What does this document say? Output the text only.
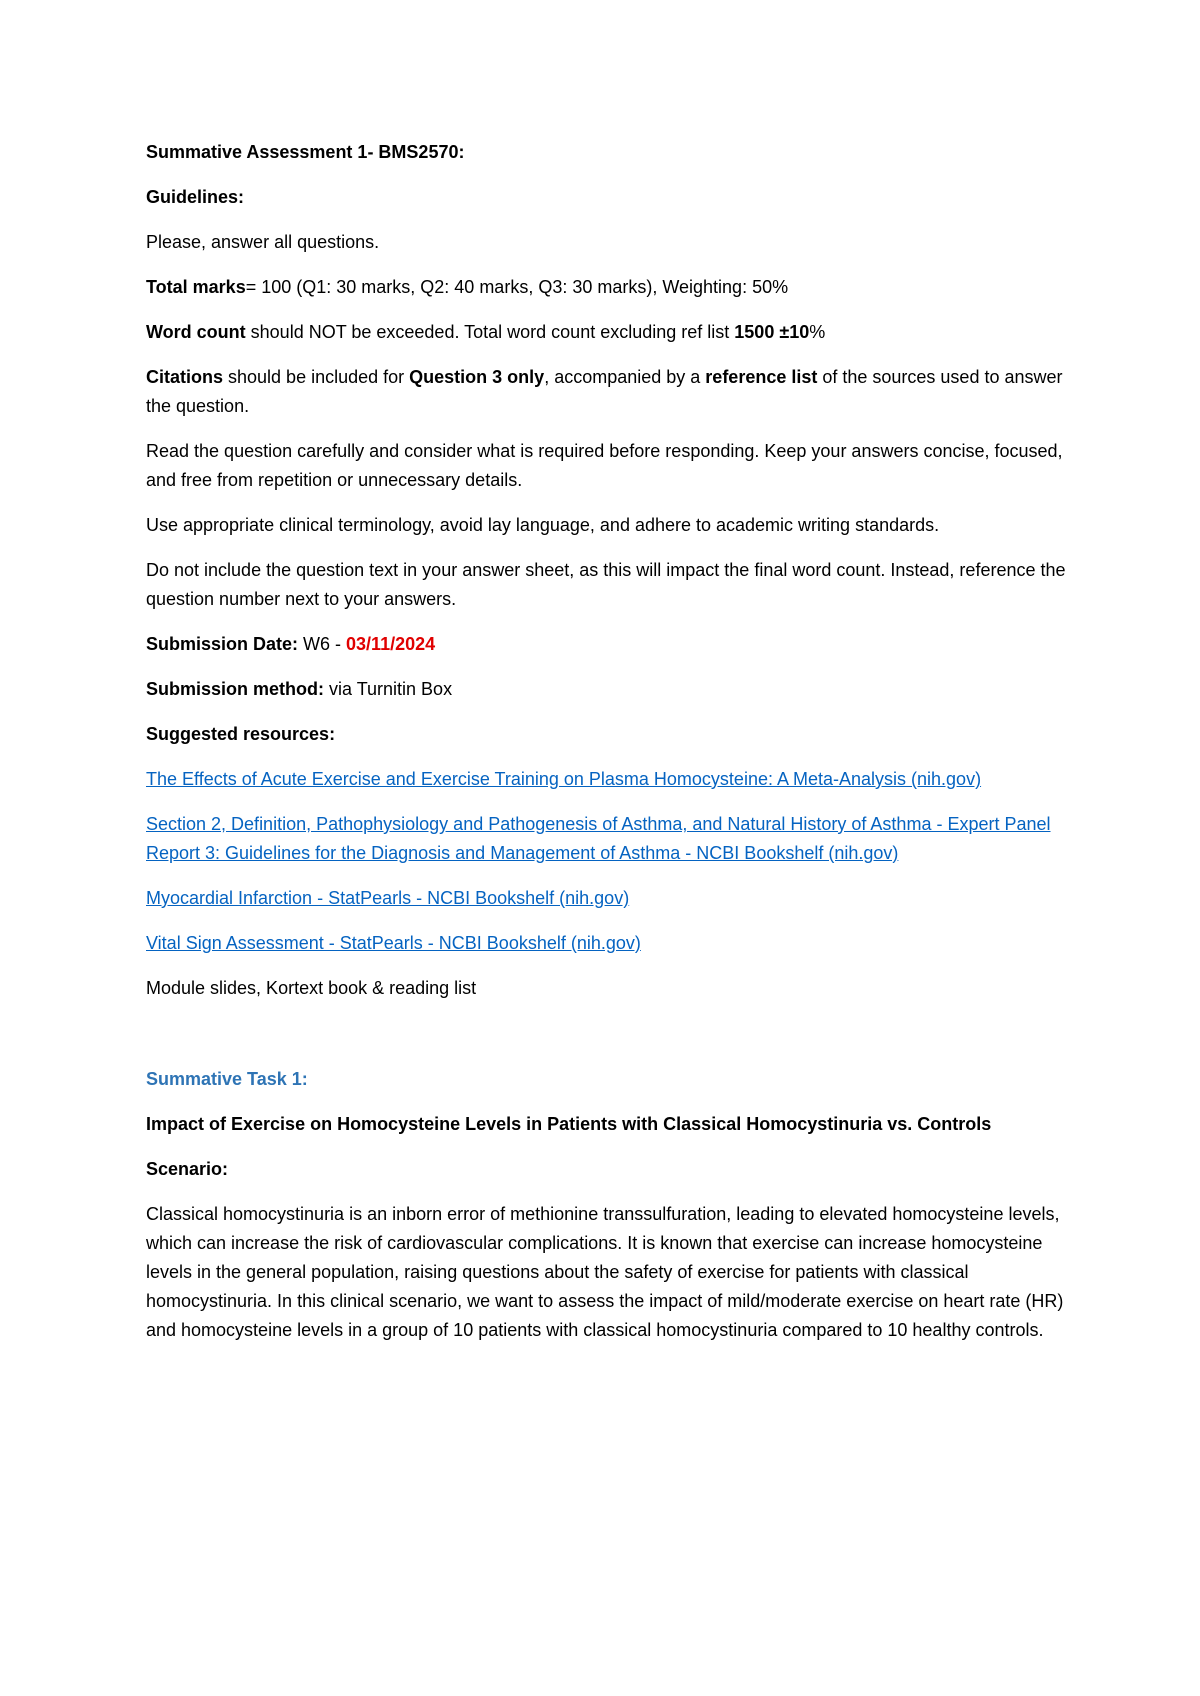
Summative Assessment 1- BMS2570:

Guidelines:

Please, answer all questions.

Total marks= 100 (Q1: 30 marks, Q2: 40 marks, Q3: 30 marks), Weighting: 50%

Word count should NOT be exceeded. Total word count excluding ref list 1500 ±10%

Citations should be included for Question 3 only, accompanied by a reference list of the sources used to answer the question.

Read the question carefully and consider what is required before responding. Keep your answers concise, focused, and free from repetition or unnecessary details.

Use appropriate clinical terminology, avoid lay language, and adhere to academic writing standards.

Do not include the question text in your answer sheet, as this will impact the final word count. Instead, reference the question number next to your answers.

Submission Date: W6 - 03/11/2024

Submission method: via Turnitin Box

Suggested resources:

The Effects of Acute Exercise and Exercise Training on Plasma Homocysteine: A Meta-Analysis (nih.gov)
Section 2, Definition, Pathophysiology and Pathogenesis of Asthma, and Natural History of Asthma - Expert Panel Report 3: Guidelines for the Diagnosis and Management of Asthma - NCBI Bookshelf (nih.gov)
Myocardial Infarction - StatPearls - NCBI Bookshelf (nih.gov)
Vital Sign Assessment - StatPearls - NCBI Bookshelf (nih.gov)

Module slides, Kortext book & reading list

Summative Task 1:

Impact of Exercise on Homocysteine Levels in Patients with Classical Homocystinuria vs. Controls

Scenario:

Classical homocystinuria is an inborn error of methionine transsulfuration, leading to elevated homocysteine levels, which can increase the risk of cardiovascular complications. It is known that exercise can increase homocysteine levels in the general population, raising questions about the safety of exercise for patients with classical homocystinuria. In this clinical scenario, we want to assess the impact of mild/moderate exercise on heart rate (HR) and homocysteine levels in a group of 10 patients with classical homocystinuria compared to 10 healthy controls.
